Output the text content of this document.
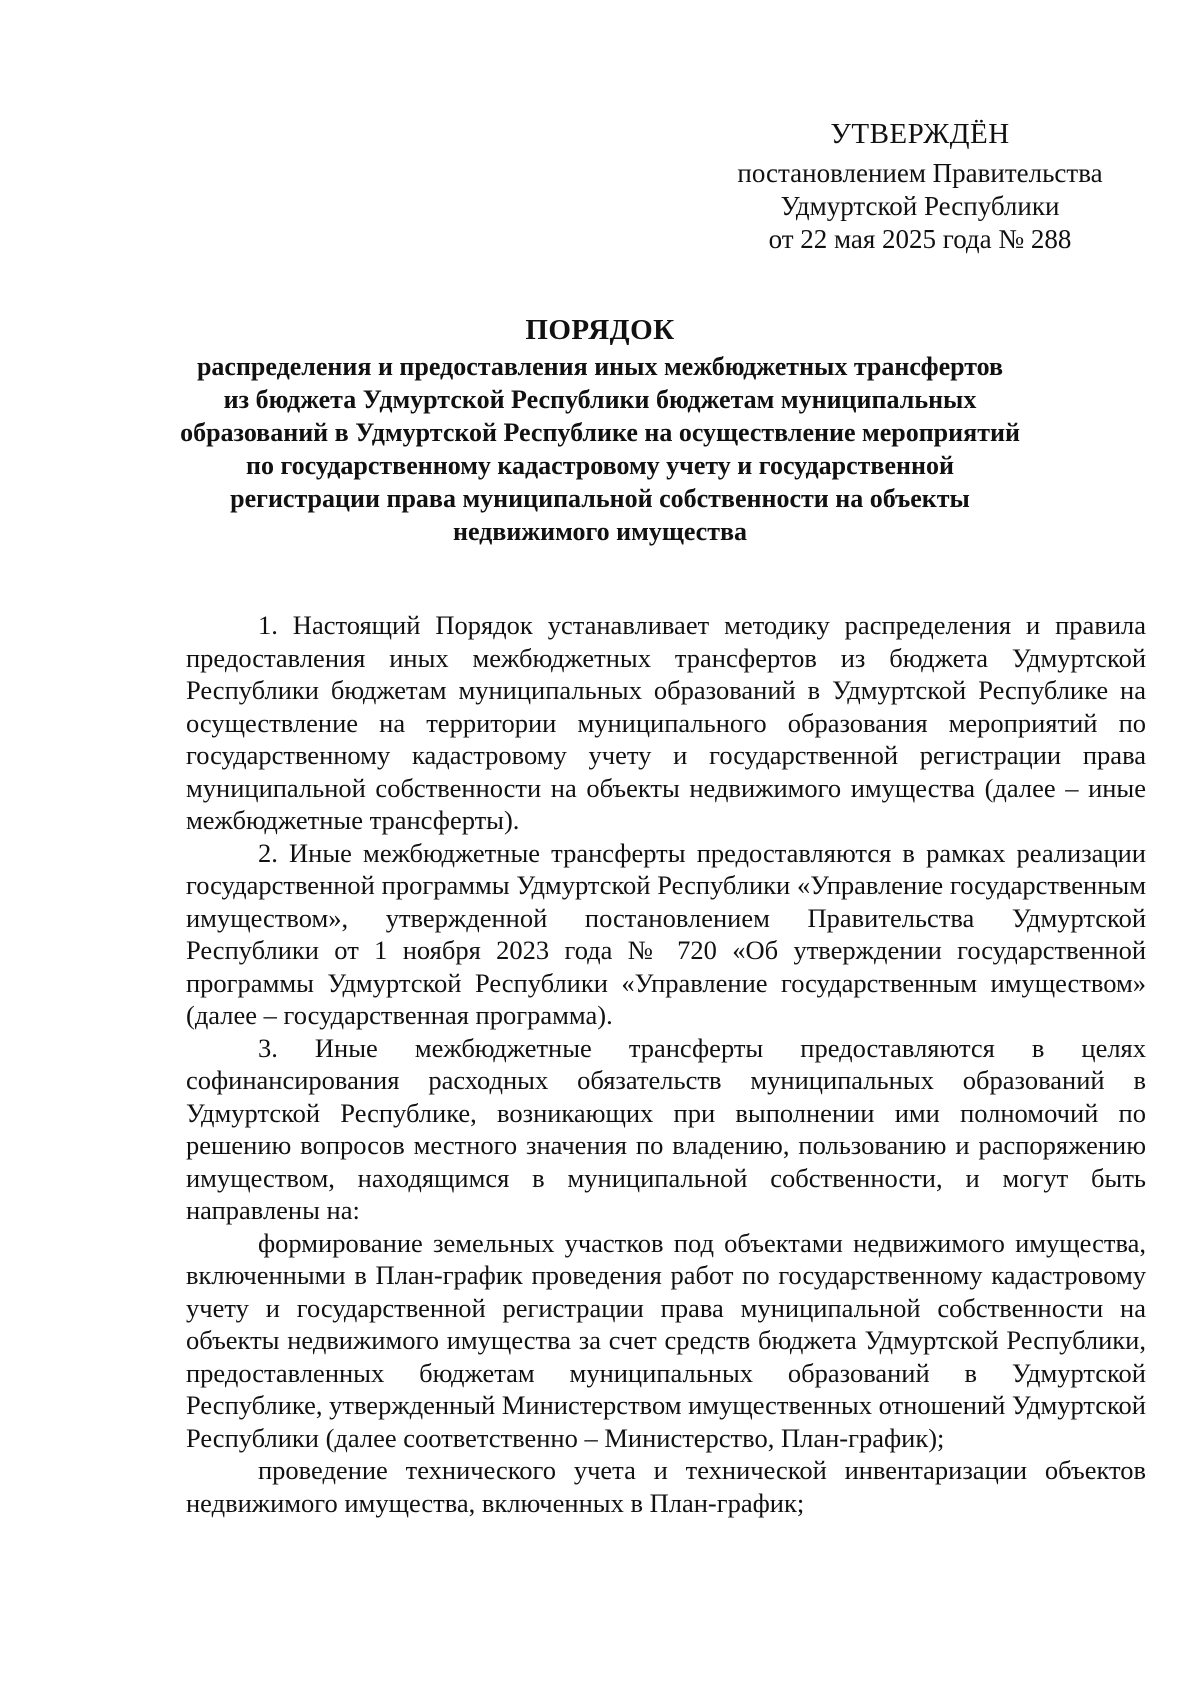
УТВЕРЖДЁН
постановлением Правительства
Удмуртской Республики
от 22 мая 2025 года № 288
ПОРЯДОК
распределения и предоставления иных межбюджетных трансфертов
из бюджета Удмуртской Республики бюджетам муниципальных
образований в Удмуртской Республике на осуществление мероприятий
по государственному кадастровому учету и государственной
регистрации права муниципальной собственности на объекты
недвижимого имущества

1. Настоящий Порядок устанавливает методику распределения и правила предоставления иных межбюджетных трансфертов из бюджета Удмуртской Республики бюджетам муниципальных образований в Удмуртской Республике на осуществление на территории муниципального образования мероприятий по государственному кадастровому учету и государственной регистрации права муниципальной собственности на объекты недвижимого имущества (далее – иные межбюджетные трансферты).

2. Иные межбюджетные трансферты предоставляются в рамках реализации государственной программы Удмуртской Республики «Управление государственным имуществом», утвержденной постановлением Правительства Удмуртской Республики от 1 ноября 2023 года № 720 «Об утверждении государственной программы Удмуртской Республики «Управление государственным имуществом» (далее – государственная программа).

3. Иные межбюджетные трансферты предоставляются в целях софинансирования расходных обязательств муниципальных образований в Удмуртской Республике, возникающих при выполнении ими полномочий по решению вопросов местного значения по владению, пользованию и распоряжению имуществом, находящимся в муниципальной собственности, и могут быть направлены на:

формирование земельных участков под объектами недвижимого имущества, включенными в План-график проведения работ по государственному кадастровому учету и государственной регистрации права муниципальной собственности на объекты недвижимого имущества за счет средств бюджета Удмуртской Республики, предоставленных бюджетам муниципальных образований в Удмуртской Республике, утвержденный Министерством имущественных отношений Удмуртской Республики (далее соответственно – Министерство, План-график);

проведение технического учета и технической инвентаризации объектов недвижимого имущества, включенных в План-график;
